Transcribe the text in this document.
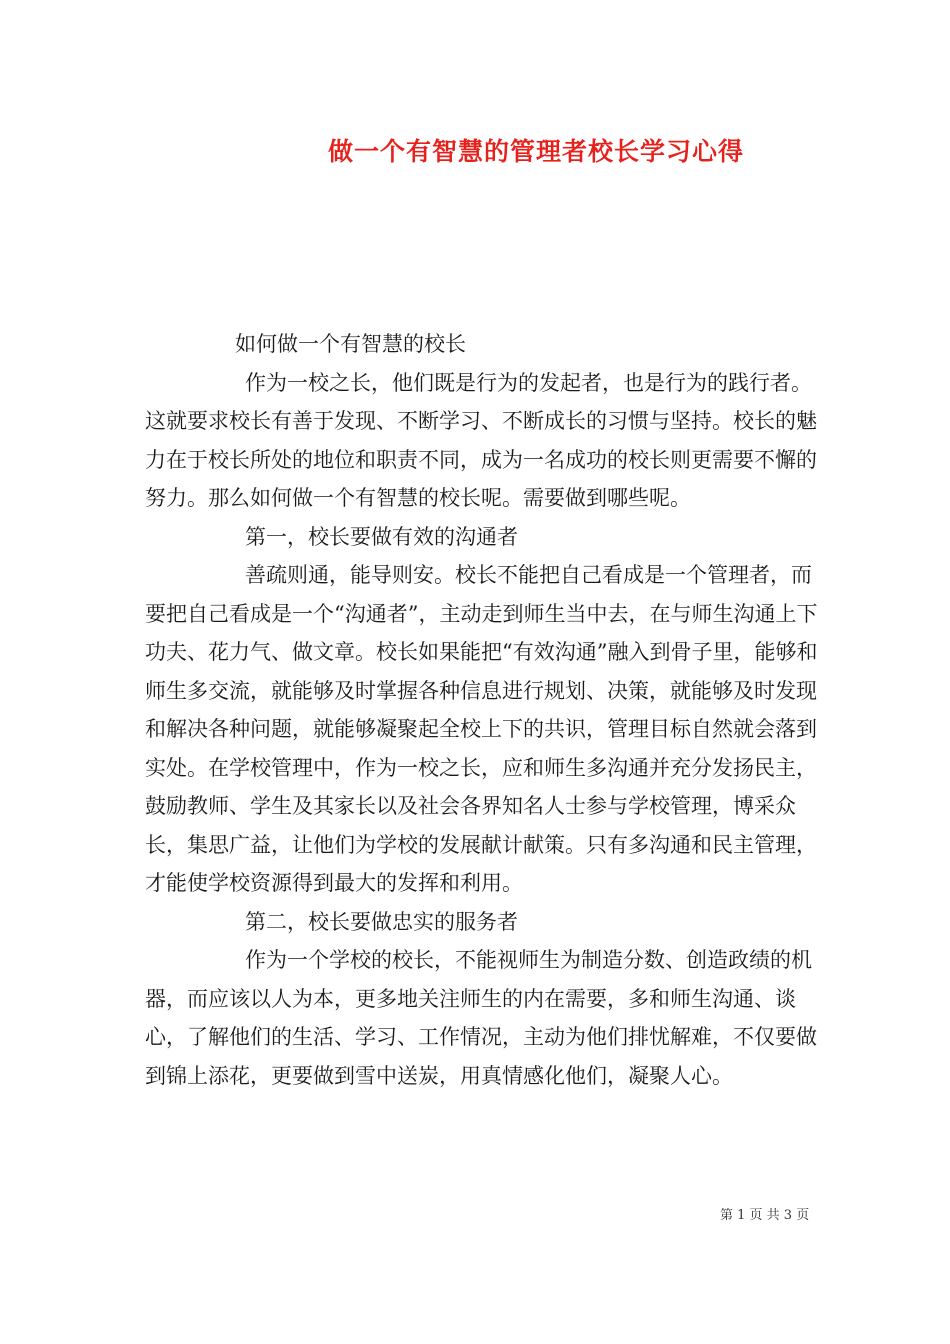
做一个有智慧的管理者校长学习心得

如何做一个有智慧的校长

作为一校之长，他们既是行为的发起者，也是行为的践行者。这就要求校长有善于发现、不断学习、不断成长的习惯与坚持。校长的魅力在于校长所处的地位和职责不同，成为一名成功的校长则更需要不懈的努力。那么如何做一个有智慧的校长呢。需要做到哪些呢。

第一，校长要做有效的沟通者

善疏则通，能导则安。校长不能把自己看成是一个管理者，而要把自己看成是一个“沟通者”，主动走到师生当中去，在与师生沟通上下功夫、花力气、做文章。校长如果能把“有效沟通”融入到骨子里，能够和师生多交流，就能够及时掌握各种信息进行规划、决策，就能够及时发现和解决各种问题，就能够凝聚起全校上下的共识，管理目标自然就会落到实处。在学校管理中，作为一校之长，应和师生多沟通并充分发扬民主，鼓励教师、学生及其家长以及社会各界知名人士参与学校管理，博采众长，集思广益，让他们为学校的发展献计献策。只有多沟通和民主管理，才能使学校资源得到最大的发挥和利用。

第二，校长要做忠实的服务者

作为一个学校的校长，不能视师生为制造分数、创造政绩的机器，而应该以人为本，更多地关注师生的内在需要，多和师生沟通、谈心，了解他们的生活、学习、工作情况，主动为他们排忧解难，不仅要做到锦上添花，更要做到雪中送炭，用真情感化他们，凝聚人心。

第 1 页 共 3 页
